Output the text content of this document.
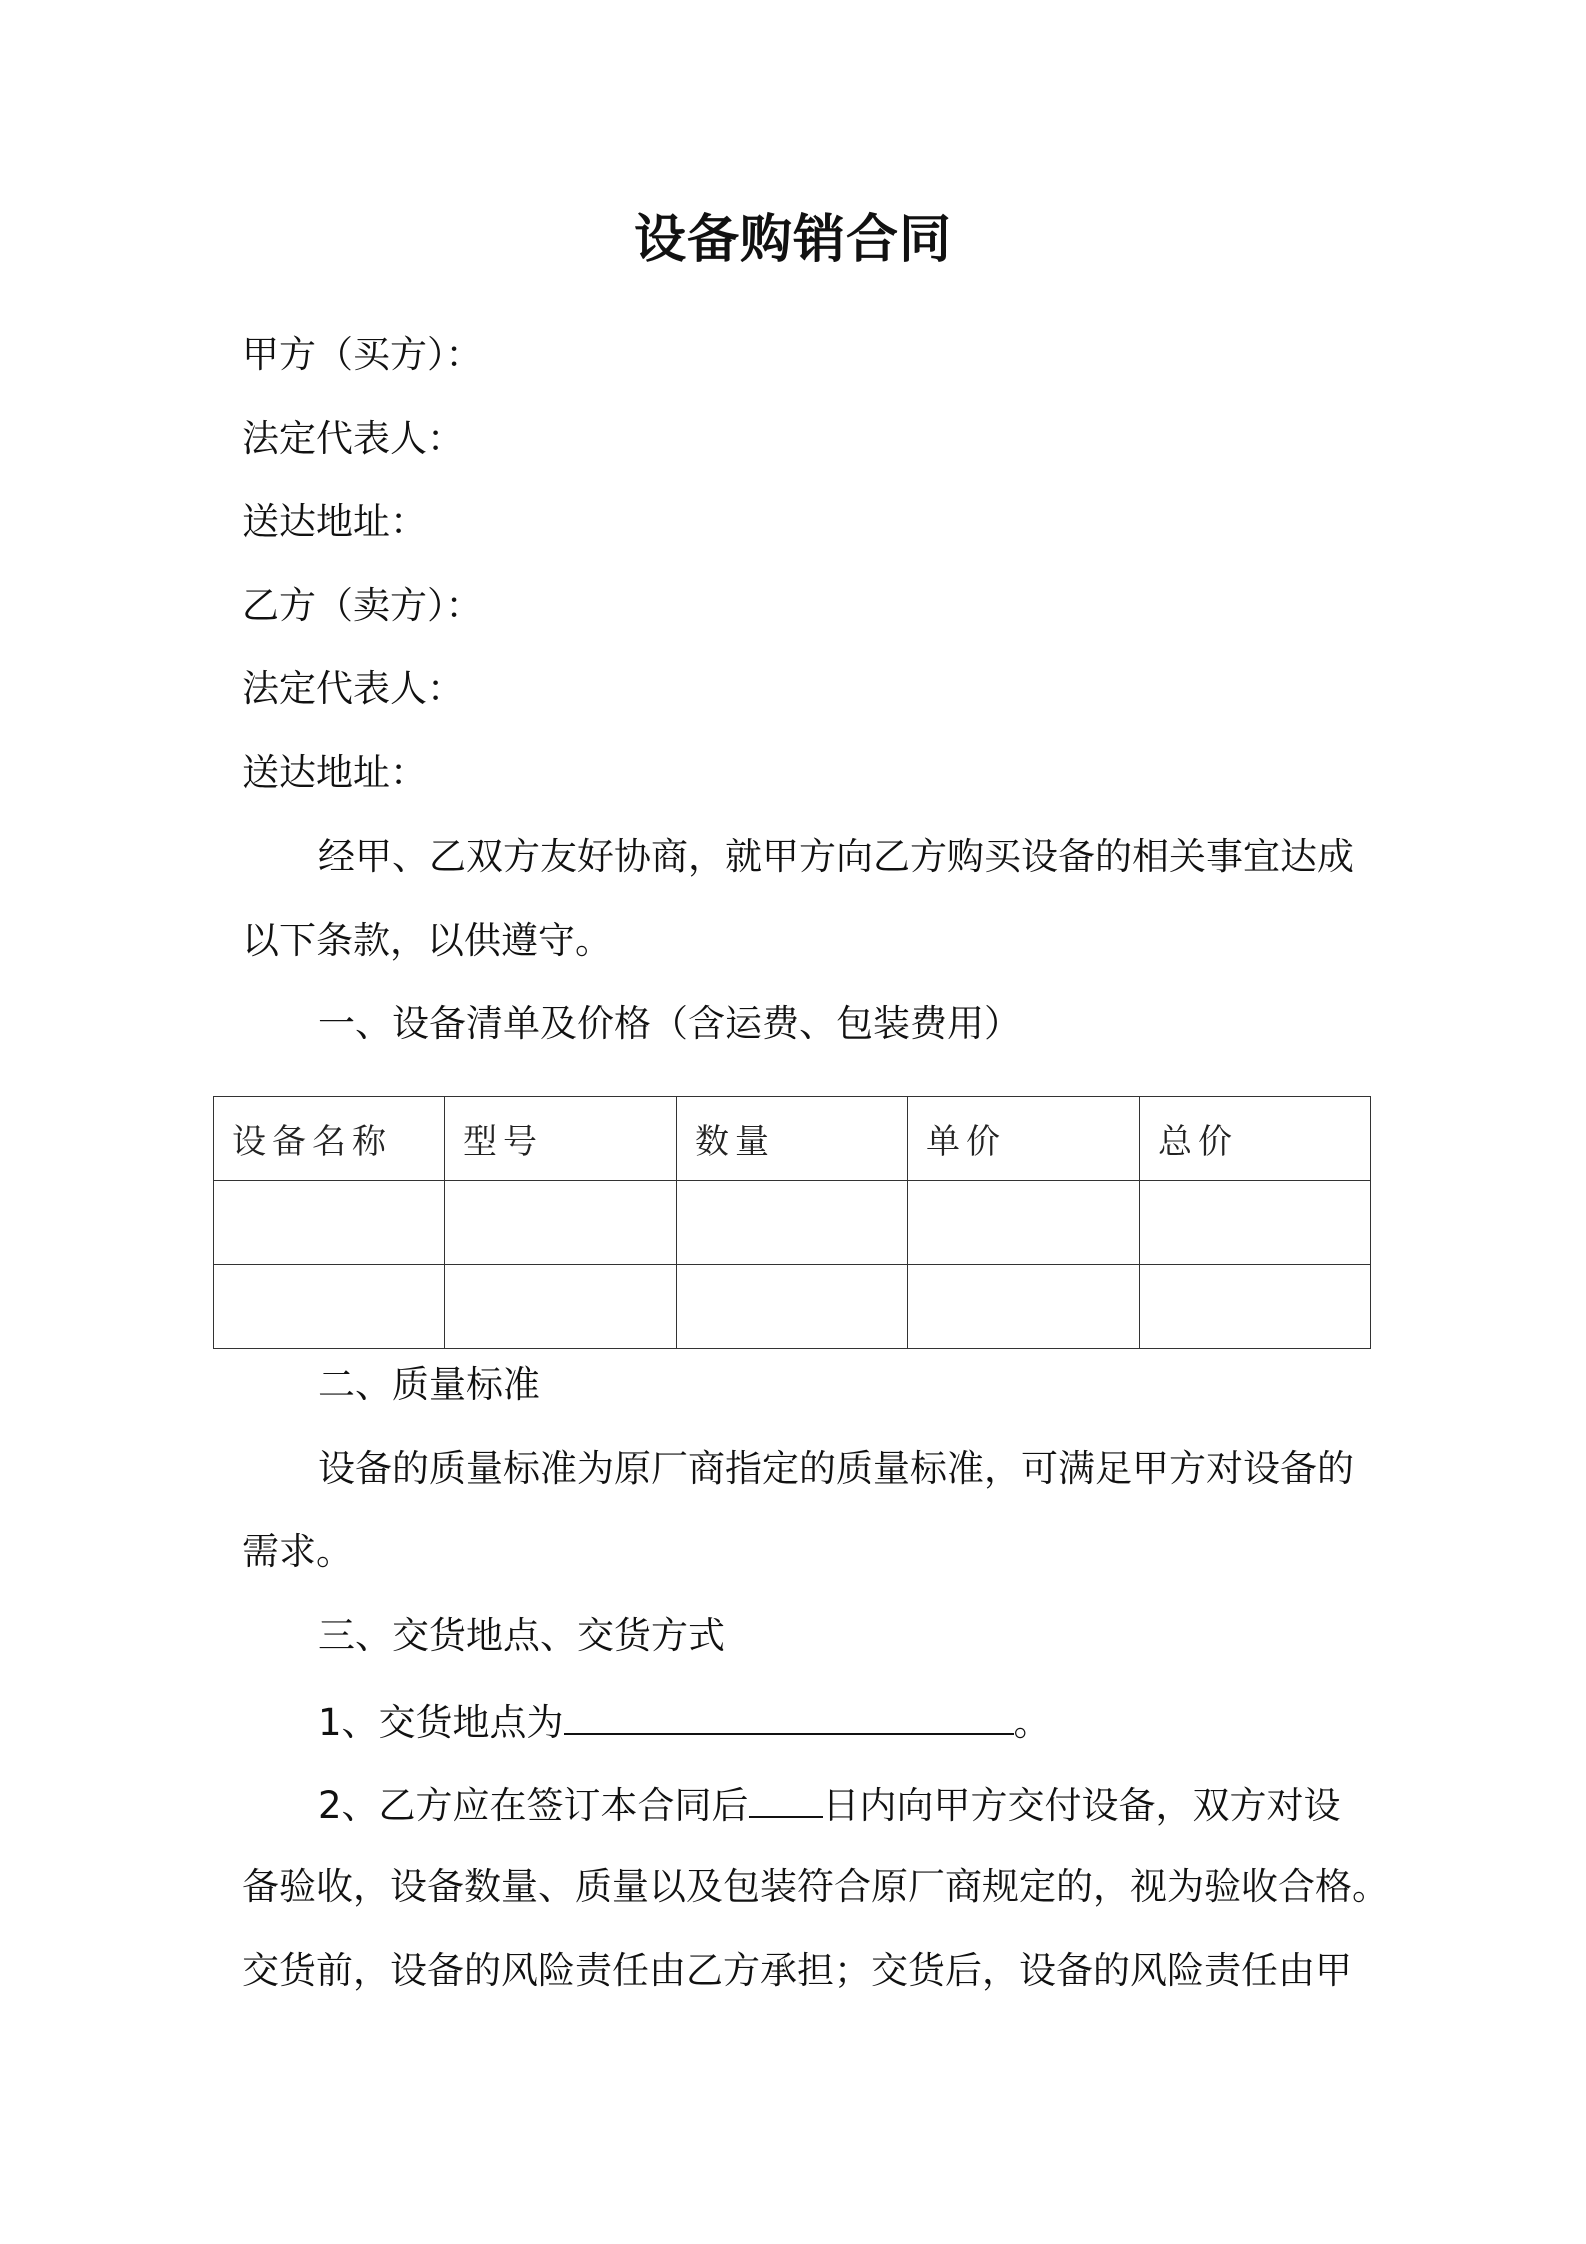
设备购销合同
甲方（买方）：
法定代表人：
送达地址：
乙方（卖方）：
法定代表人：
送达地址：
经甲、乙双方友好协商，就甲方向乙方购买设备的相关事宜达成
以下条款，以供遵守。
一、设备清单及价格（含运费、包装费用）
设备名称	型号	数量	单价	总价

二、质量标准
设备的质量标准为原厂商指定的质量标准，可满足甲方对设备的
需求。
三、交货地点、交货方式
1、交货地点为	。
2、乙方应在签订本合同后 日内向甲方交付设备，双方对设
备验收，设备数量、质量以及包装符合原厂商规定的，视为验收合格。
交货前，设备的风险责任由乙方承担；交货后，设备的风险责任由甲
